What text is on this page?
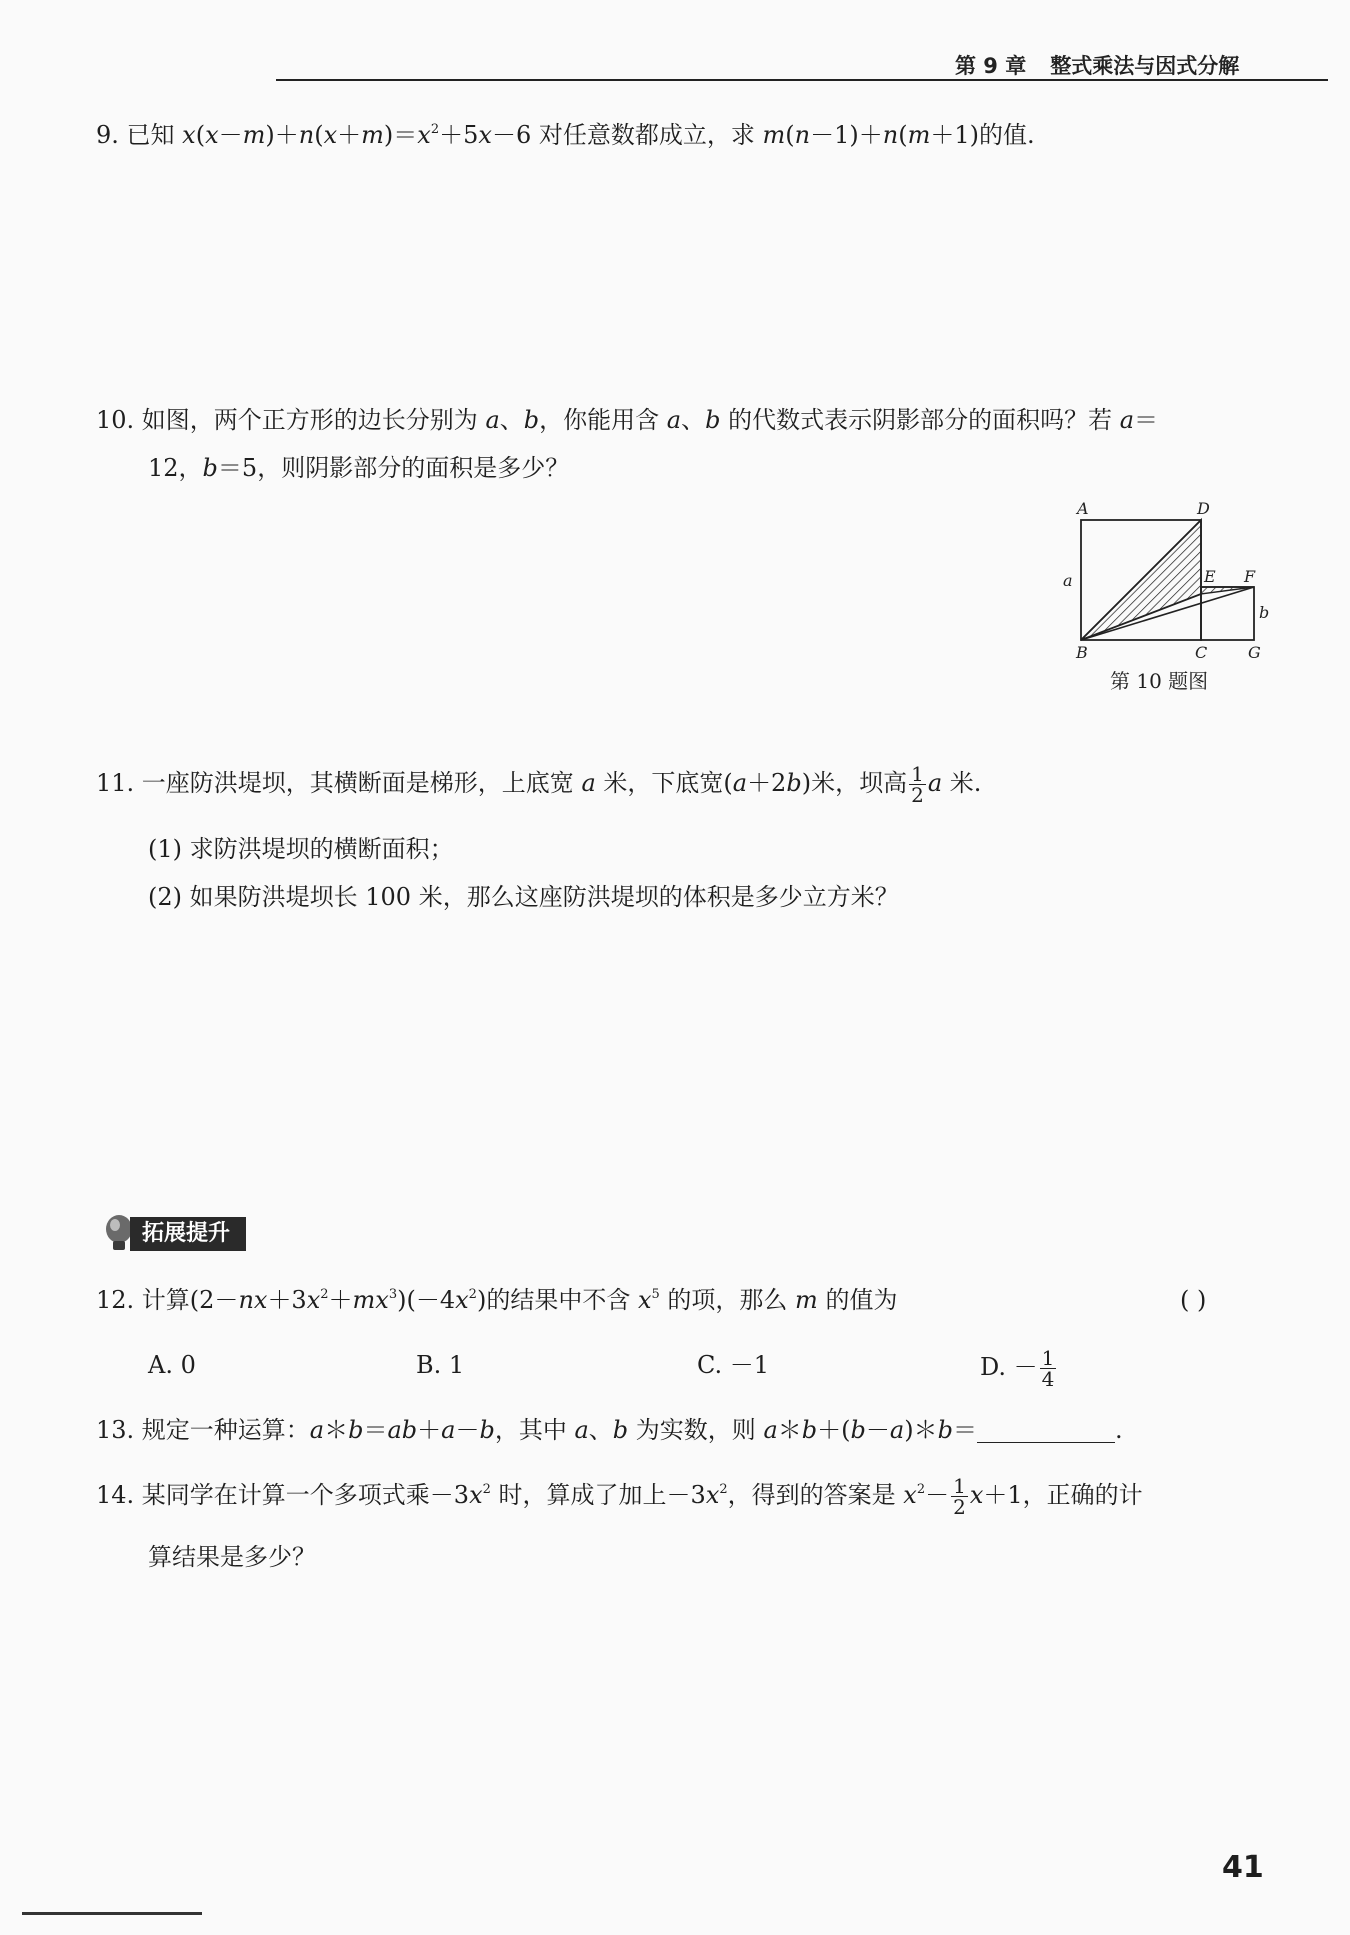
第 9 章 整式乘法与因式分解
9. 已知 $x(x-m)+n(x+m)=x^2+5x-6$ 对任意数都成立，求 m(n－1)＋n(m＋1)的值.
10. 如图，两个正方形的边长分别为 a、b，你能用含 a、b 的代数式表示阴影部分的面积吗？若 a＝
12，b＝5，则阴影部分的面积是多少？
A	D
E F
B	C	G
a
b
第 10 题图
11. 一座防洪堤坝，其横断面是梯形，上底宽 a 米，下底宽(a＋2b)米，坝高 $\frac{1}{2}$ a 米.
(1) 求防洪堤坝的横断面积；
(2) 如果防洪堤坝长 100 米，那么这座防洪堤坝的体积是多少立方米？
拓展提升
12. 计算$(2-nx+3x^2+mx^3)(-4x^2)$的结果中不含 $x^5$ 的项，那么 m 的值为	( )
A. 0	B. 1	C. －1	D. － $\frac{1}{4}$
13. 规定一种运算：a＊b＝ab＋a－b，其中 a、b 为实数，则 a＊b＋(b－a)＊b＝	.
14. 某同学在计算一个多项式乘$-3x^2$ 时，算成了加上$-3x^2$，得到的答案是 $x^2- \frac{1}{2} x+1$，正确的计
算结果是多少？
41
